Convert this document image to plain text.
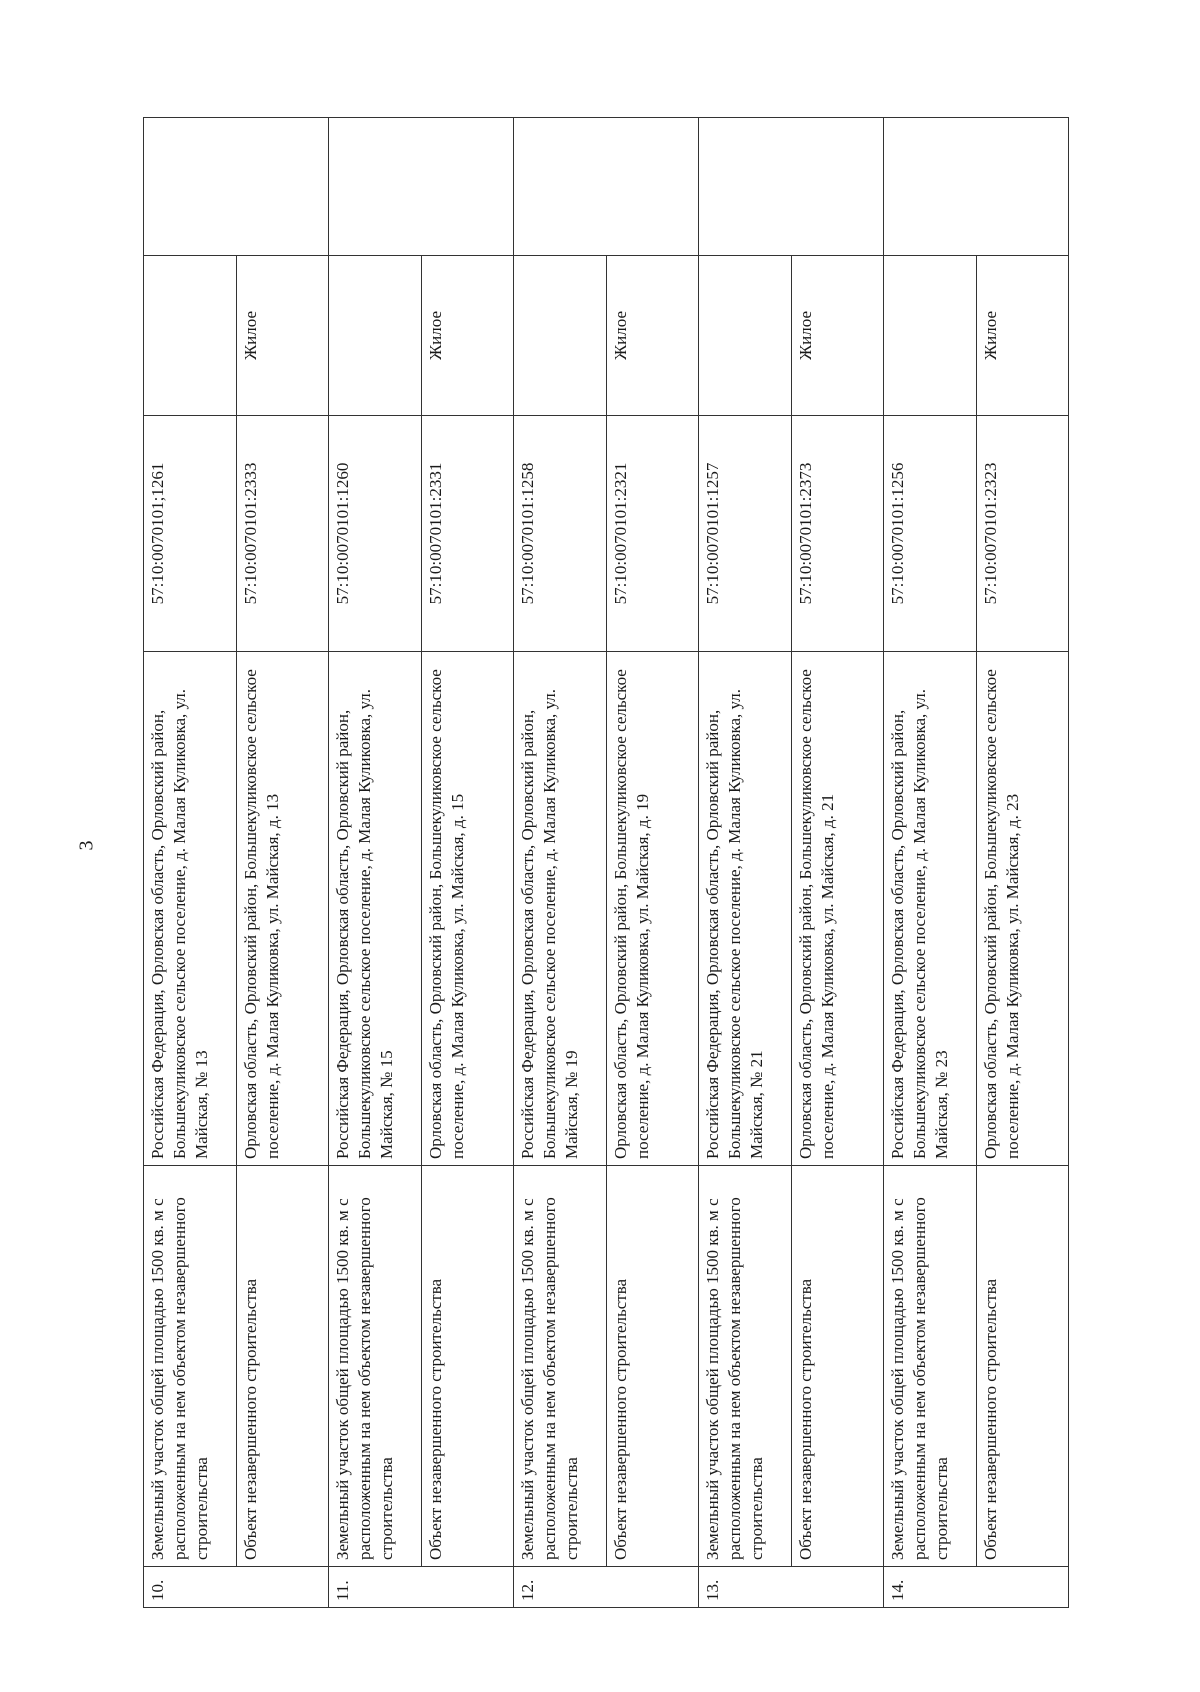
3
10.	Земельный участок общей площадью 1500 кв. м с расположенным на нем объектом незавершенного строительства	Российская Федерация, Орловская область, Орловский район, Большекуликовское сельское поселение, д. Малая Куликовка, ул. Майская, № 13	57:10:0070101;1261		
	Объект незавершенного строительства	Орловская область, Орловский район, Большекуликовское сельское поселение, д. Малая Куликовка, ул. Майская, д. 13	57:10:0070101:2333	Жилое	
11.	Земельный участок общей площадью 1500 кв. м с расположенным на нем объектом незавершенного строительства	Российская Федерация, Орловская область, Орловский район, Большекуликовское сельское поселение, д. Малая Куликовка, ул. Майская, № 15	57:10:0070101:1260		
	Объект незавершенного строительства	Орловская область, Орловский район, Большекуликовское сельское поселение, д. Малая Куликовка, ул. Майская, д. 15	57:10:0070101:2331	Жилое	
12.	Земельный участок общей площадью 1500 кв. м с расположенным на нем объектом незавершенного строительства	Российская Федерация, Орловская область, Орловский район, Большекуликовское сельское поселение, д. Малая Куликовка, ул. Майская, № 19	57:10:0070101:1258		
	Объект незавершенного строительства	Орловская область, Орловский район, Большекуликовское сельское поселение, д. Малая Куликовка, ул. Майская, д. 19	57:10:0070101:2321	Жилое	
13.	Земельный участок общей площадью 1500 кв. м с расположенным на нем объектом незавершенного строительства	Российская Федерация, Орловская область, Орловский район, Большекуликовское сельское поселение, д. Малая Куликовка, ул. Майская, № 21	57:10:0070101:1257		
	Объект незавершенного строительства	Орловская область, Орловский район, Большекуликовское сельское поселение, д. Малая Куликовка, ул. Майская, д. 21	57:10:0070101:2373	Жилое	
14.	Земельный участок общей площадью 1500 кв. м с расположенным на нем объектом незавершенного строительства	Российская Федерация, Орловская область, Орловский район, Большекуликовское сельское поселение, д. Малая Куликовка, ул. Майская, № 23	57:10:0070101:1256		
	Объект незавершенного строительства	Орловская область, Орловский район, Большекуликовское сельское поселение, д. Малая Куликовка, ул. Майская, д. 23	57:10:0070101:2323	Жилое	
